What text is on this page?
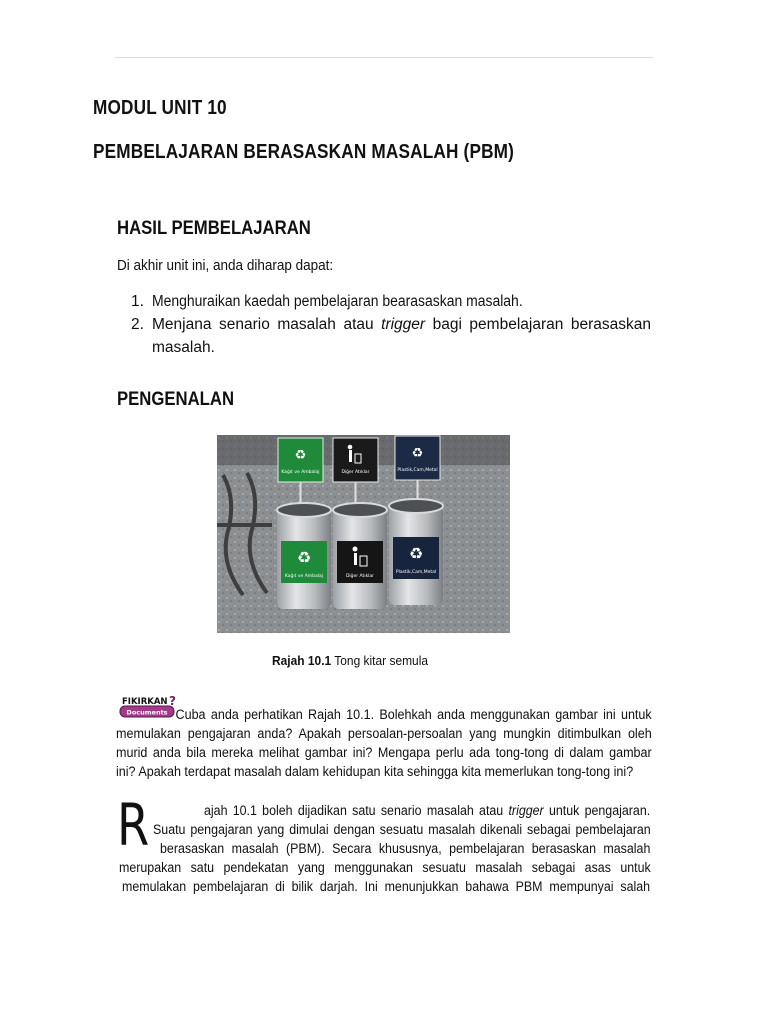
MODUL UNIT 10
PEMBELAJARAN BERASASKAN MASALAH (PBM)
HASIL PEMBELAJARAN
Di akhir unit ini, anda diharap dapat:
1. Menghuraikan kaedah pembelajaran bearasaskan masalah.
2. Menjana senario masalah atau trigger bagi pembelajaran berasaskan
masalah.
PENGENALAN
♻
Kağıt ve Ambalaj	Diğer Atıklar
♻
Plastik,Cam,Metal
♻
Kağıt ve Ambalaj	Diğer Atıklar
♻
Plastik,Cam,Metal
Rajah 10.1 Tong kitar semula
FIKIRKAN ?
Documents Cuba anda perhatikan Rajah 10.1. Bolehkah anda menggunakan gambar ini untuk
memulakan pengajaran anda? Apakah persoalan-persoalan yang mungkin ditimbulkan oleh
murid anda bila mereka melihat gambar ini? Mengapa perlu ada tong-tong di dalam gambar
ini? Apakah terdapat masalah dalam kehidupan kita sehingga kita memerlukan tong-tong ini?
R	ajah 10.1 boleh dijadikan satu senario masalah atau trigger untuk pengajaran.
Suatu pengajaran yang dimulai dengan sesuatu masalah dikenali sebagai pembelajaran
berasaskan masalah (PBM). Secara khususnya, pembelajaran berasaskan masalah
merupakan satu pendekatan yang menggunakan sesuatu masalah sebagai asas untuk
memulakan pembelajaran di bilik darjah. Ini menunjukkan bahawa PBM mempunyai salah
